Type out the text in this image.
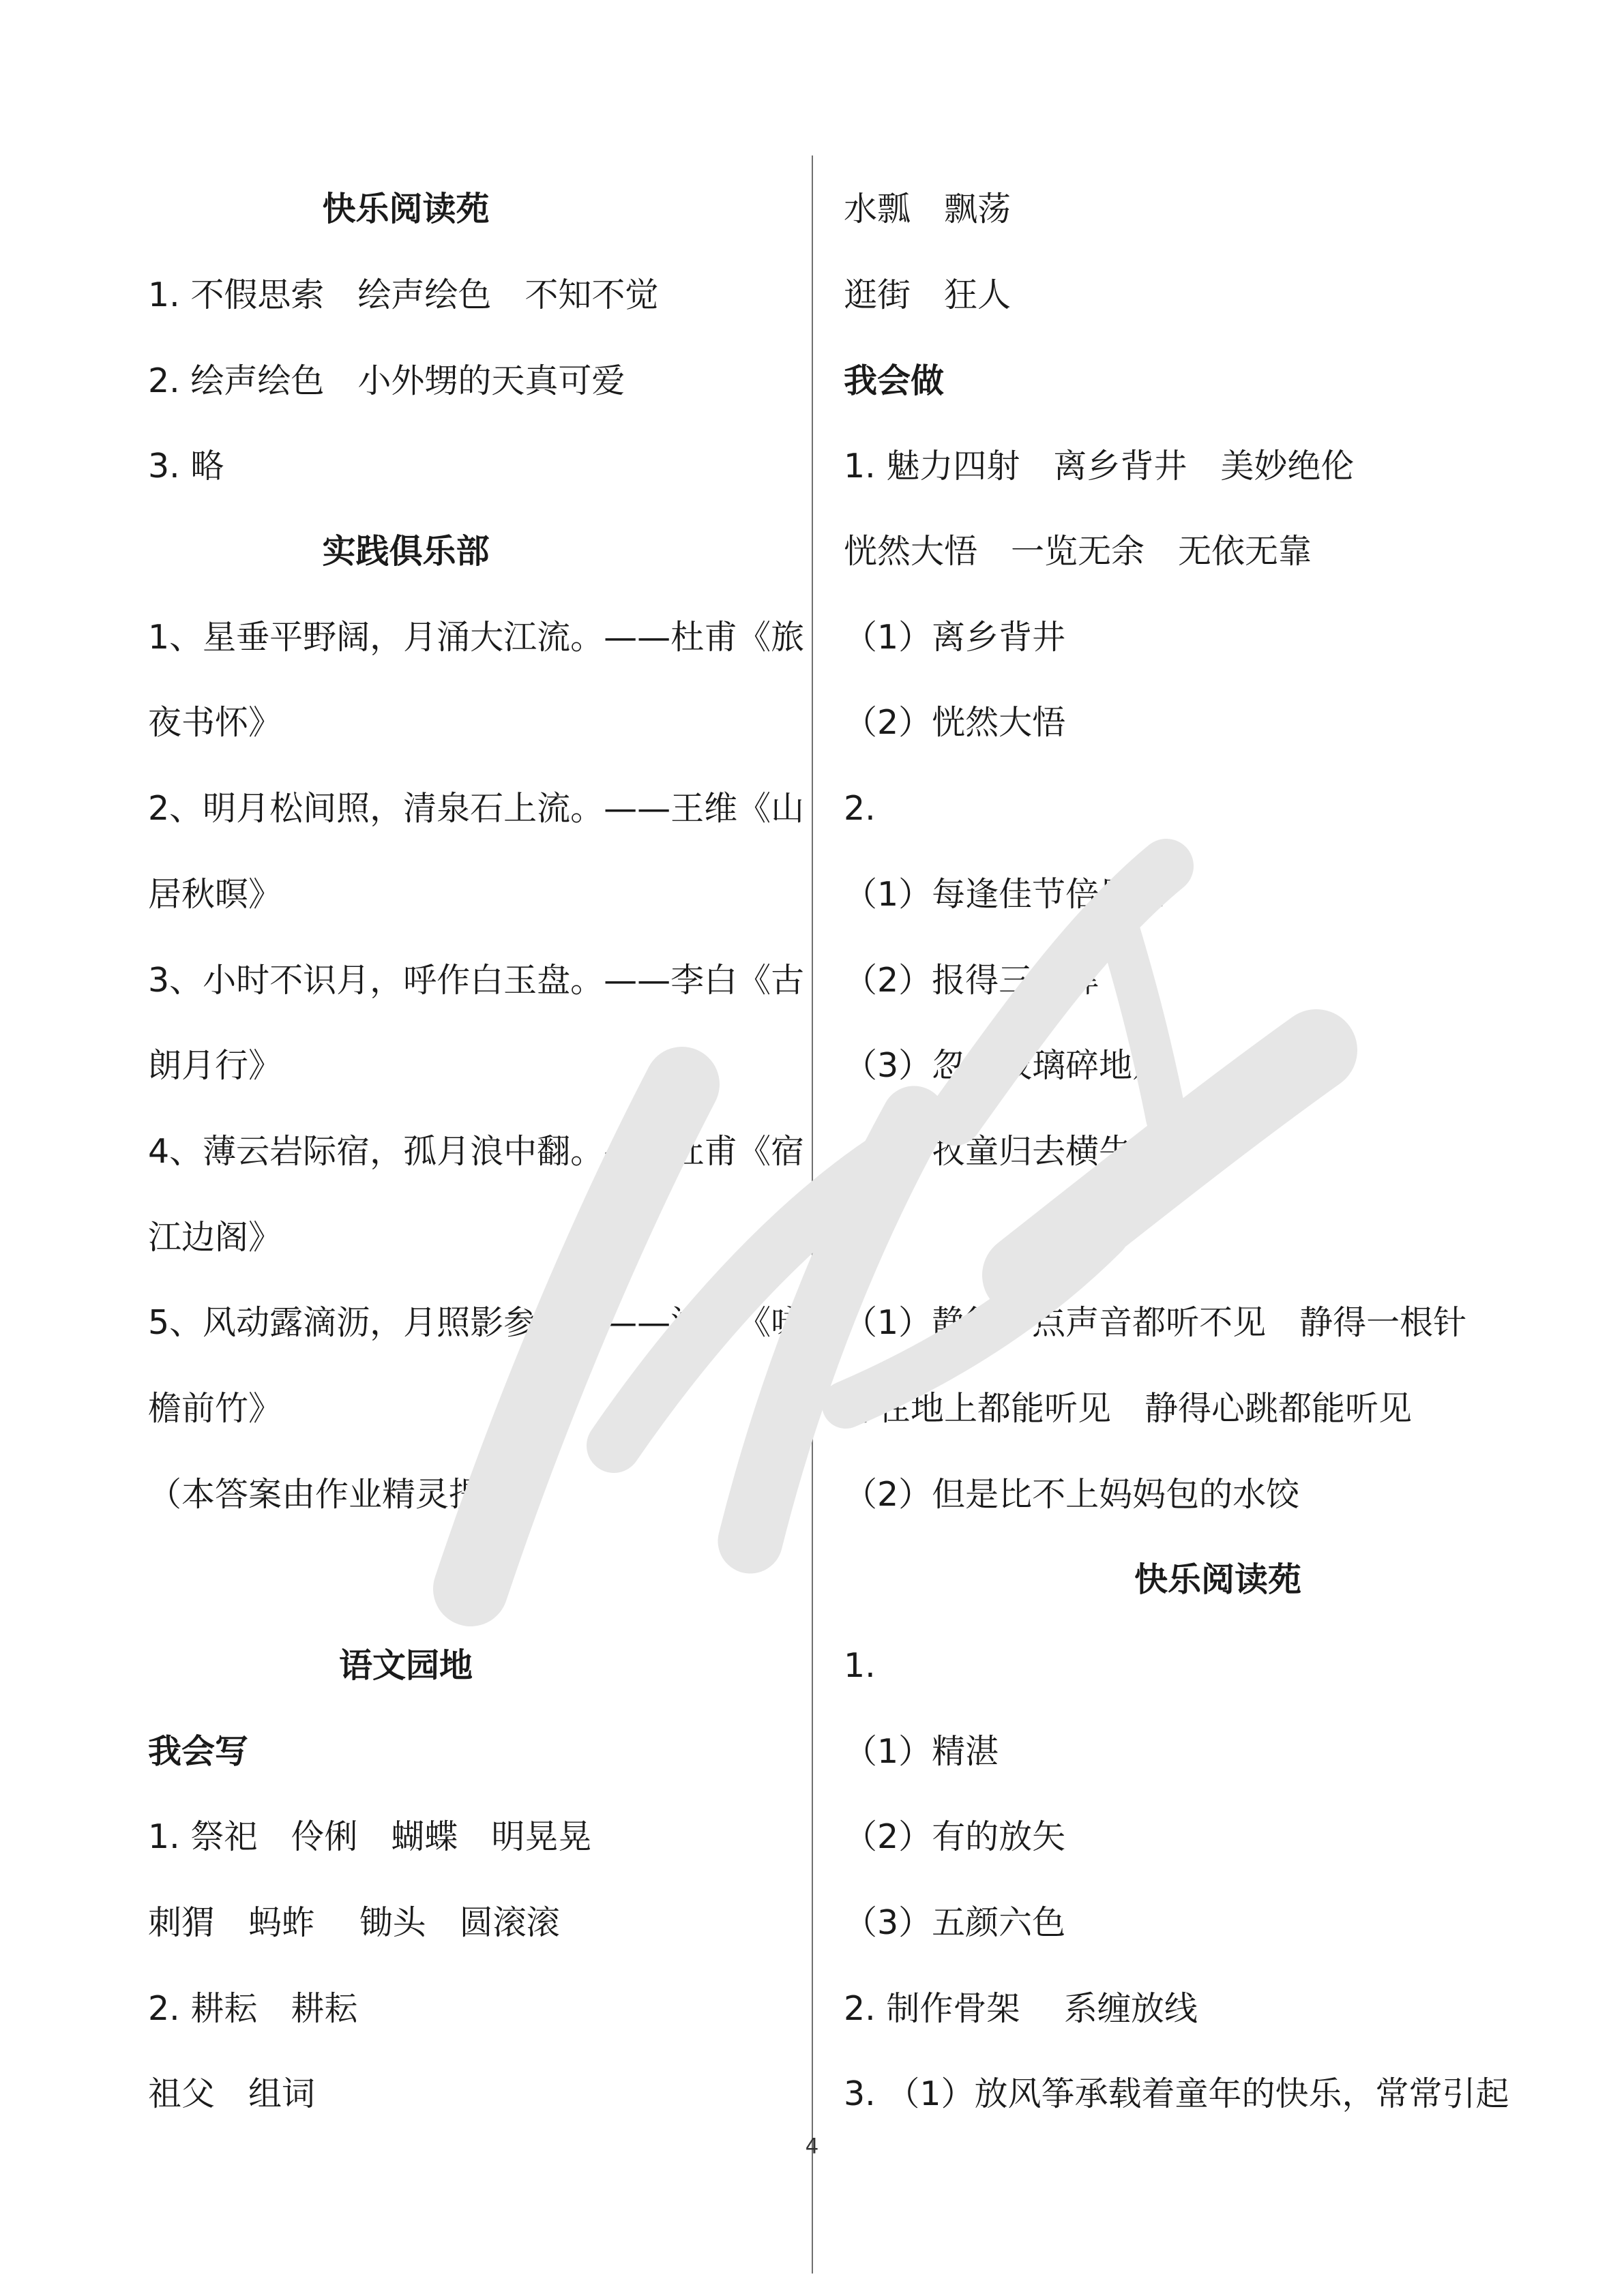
快乐阅读苑
1. 不假思索　绘声绘色　不知不觉
2. 绘声绘色　小外甥的天真可爱
3. 略
实践俱乐部
1、星垂平野阔，月涌大江流。——杜甫《旅
夜书怀》
2、明月松间照，清泉石上流。——王维《山
居秋暝》
3、小时不识月，呼作白玉盘。——李白《古
朗月行》
4、薄云岩际宿，孤月浪中翻。——杜甫《宿
江边阁》
5、风动露滴沥，月照影参差。——沈约《咏
檐前竹》
（本答案由作业精灵提供）
语文园地
我会写
1. 祭祀　伶俐　蝴蝶　明晃晃
刺猬　蚂蚱　 锄头　圆滚滚
2. 耕耘　耕耘
祖父　组词
水瓢　飘荡
逛街　狂人
我会做
1. 魅力四射　离乡背井　美妙绝伦
恍然大悟　一览无余　无依无靠
（1）离乡背井
（2）恍然大悟
2.
（1）每逢佳节倍思亲
（2）报得三春晖
（3）忽作玻璃碎地声
（4）牧童归去横牛背
3.
（1）静得一点声音都听不见　静得一根针
掉在地上都能听见　静得心跳都能听见
（2）但是比不上妈妈包的水饺
快乐阅读苑
1.
（1）精湛
（2）有的放矢
（3）五颜六色
2. 制作骨架　 系缠放线
3. （1）放风筝承载着童年的快乐，常常引起
4
